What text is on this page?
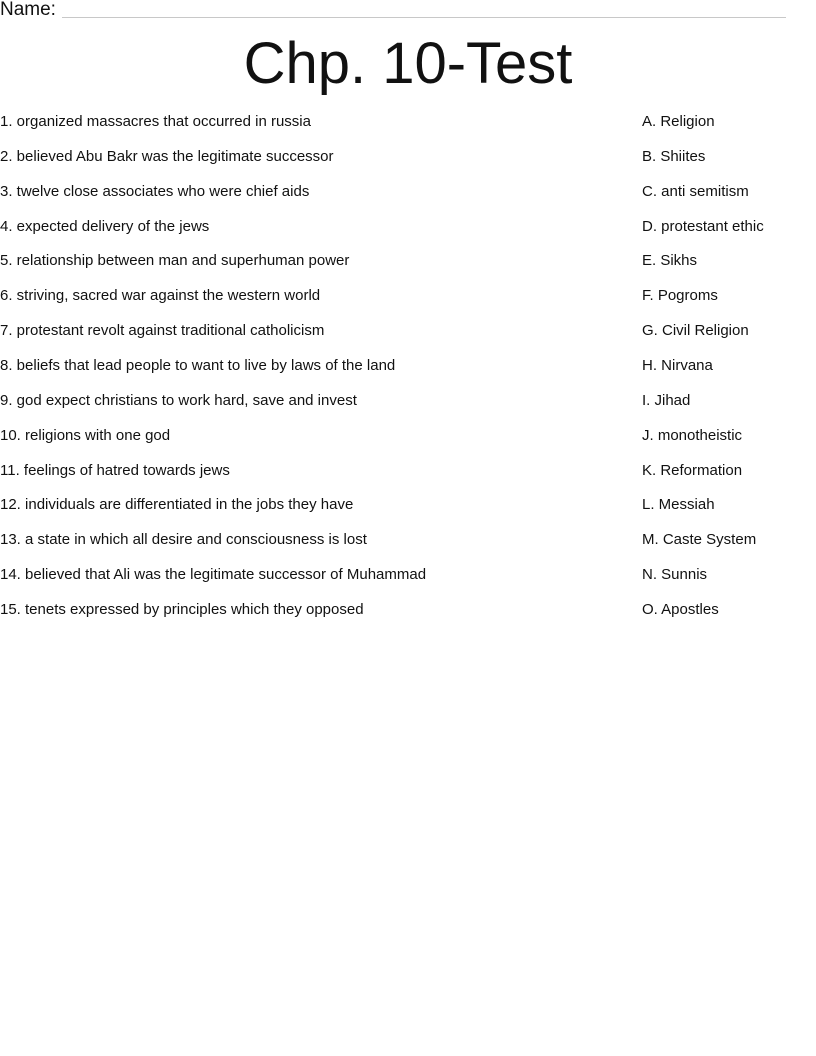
Name:
Chp. 10-Test
1. organized massacres that occurred in russia
2. believed Abu Bakr was the legitimate successor
3. twelve close associates who were chief aids
4. expected delivery of the jews
5. relationship between man and superhuman power
6. striving, sacred war against the western world
7. protestant revolt against traditional catholicism
8. beliefs that lead people to want to live by laws of the land
9. god expect christians to work hard, save and invest
10. religions with one god
11. feelings of hatred towards jews
12. individuals are differentiated in the jobs they have
13. a state in which all desire and consciousness is lost
14. believed that Ali was the legitimate successor of Muhammad
15. tenets expressed by principles which they opposed
A. Religion
B. Shiites
C. anti semitism
D. protestant ethic
E. Sikhs
F. Pogroms
G. Civil Religion
H. Nirvana
I. Jihad
J. monotheistic
K. Reformation
L. Messiah
M. Caste System
N. Sunnis
O. Apostles
